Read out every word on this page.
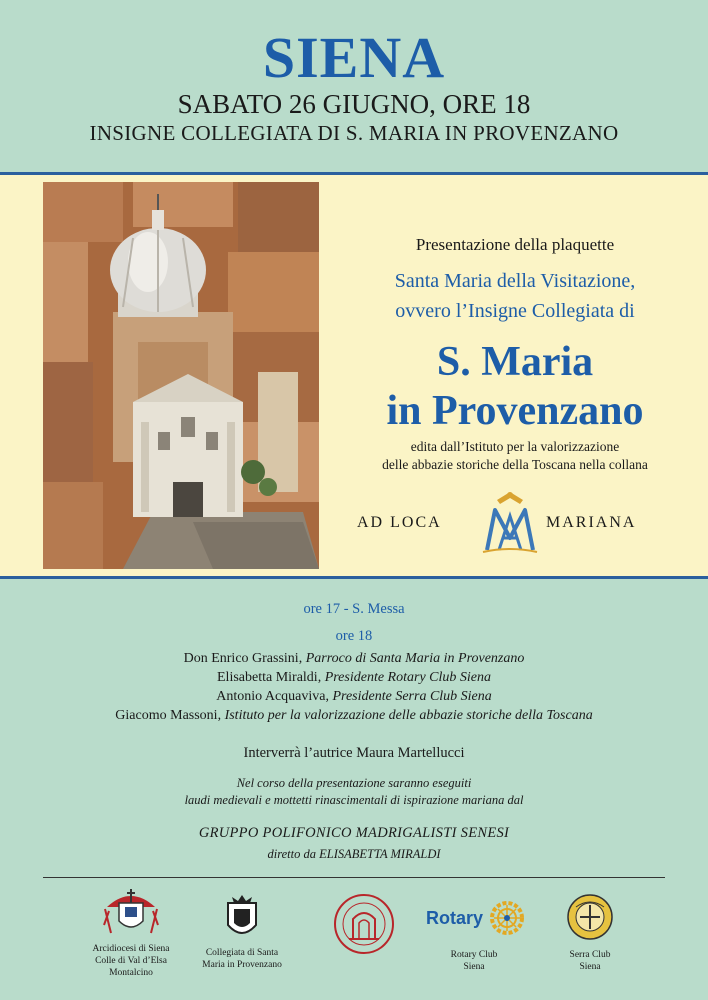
SIENA
SABATO 26 GIUGNO, ORE 18
INSIGNE COLLEGIATA DI S. MARIA IN PROVENZANO
Presentazione della plaquette
Santa Maria della Visitazione,
ovvero l’Insigne Collegiata di
S. Maria
in Provenzano
edita dall’Istituto per la valorizzazione
delle abbazie storiche della Toscana nella collana
AD LOCA	MARIANA
ore 17 - S. Messa
ore 18
Don Enrico Grassini, Parroco di Santa Maria in Provenzano
Elisabetta Miraldi, Presidente Rotary Club Siena
Antonio Acquaviva, Presidente Serra Club Siena
Giacomo Massoni, Istituto per la valorizzazione delle abbazie storiche della Toscana
Interverrà l’autrice Maura Martellucci
Nel corso della presentazione saranno eseguiti
laudi medievali e mottetti rinascimentali di ispirazione mariana dal
GRUPPO POLIFONICO MADRIGALISTI SENESI
diretto da ELISABETTA MIRALDI
Arcidiocesi di Siena
Colle di Val d’Elsa
Montalcino
Collegiata di Santa
Maria in Provenzano
Rotary
Rotary Club
Siena
Serra Club
Siena
